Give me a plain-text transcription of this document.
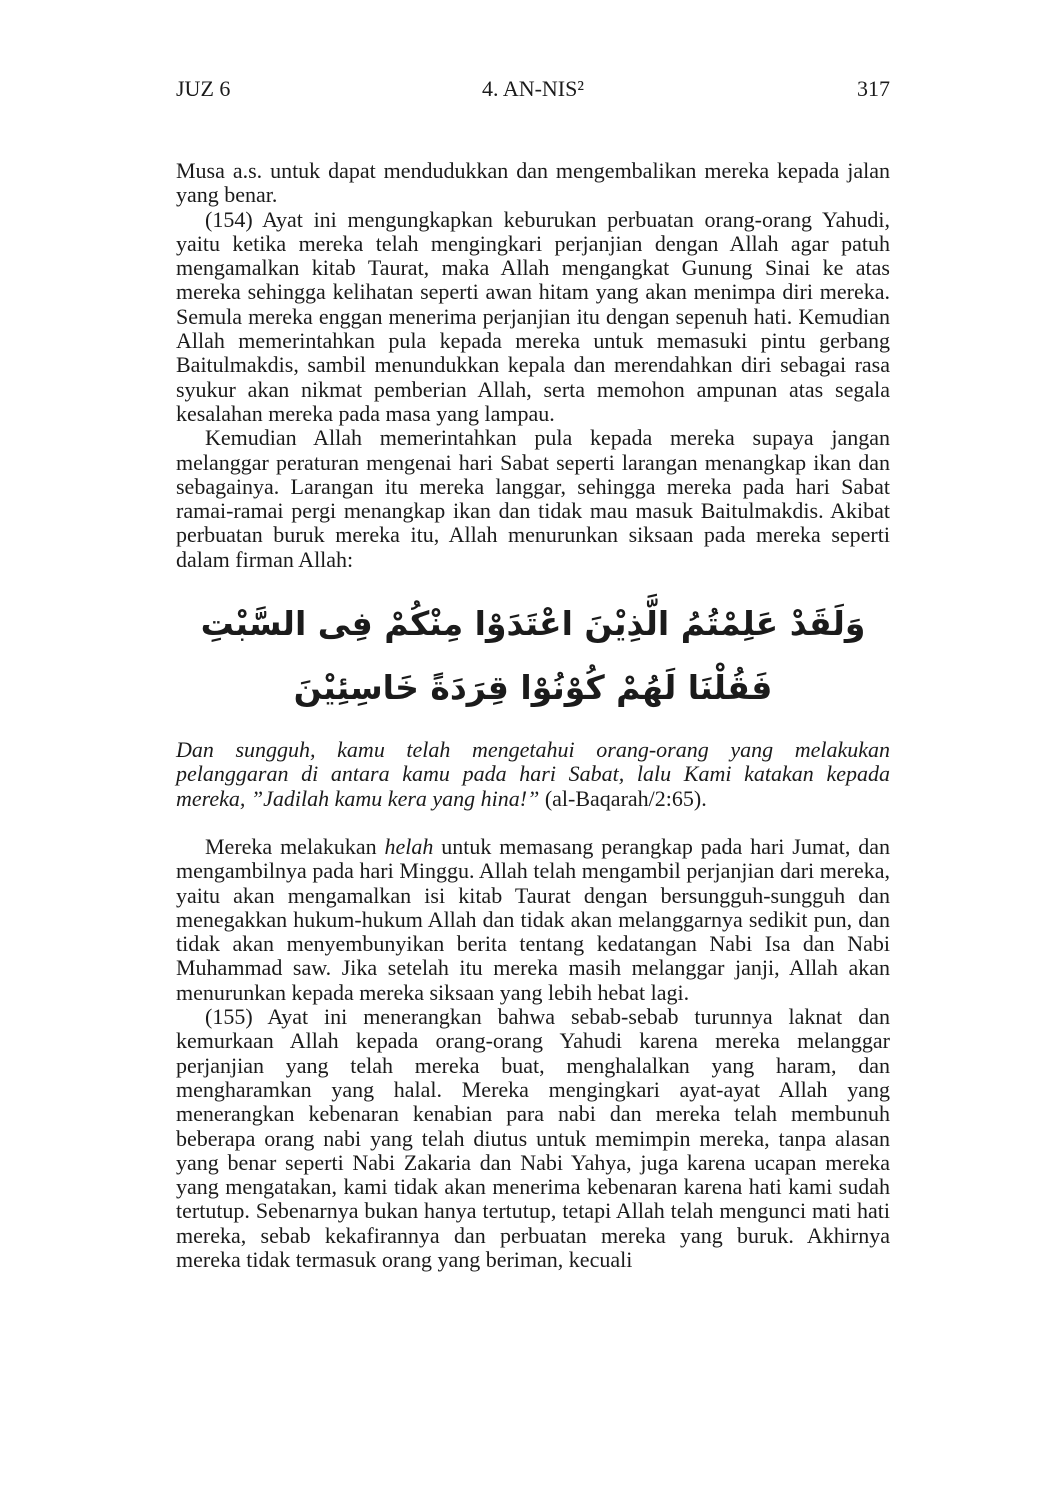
JUZ 6	4. AN-NIS²	317

Musa a.s. untuk dapat mendudukkan dan mengembalikan mereka kepada jalan yang benar.

(154) Ayat ini mengungkapkan keburukan perbuatan orang-orang Yahudi, yaitu ketika mereka telah mengingkari perjanjian dengan Allah agar patuh mengamalkan kitab Taurat, maka Allah mengangkat Gunung Sinai ke atas mereka sehingga kelihatan seperti awan hitam yang akan menimpa diri mereka. Semula mereka enggan menerima perjanjian itu dengan sepenuh hati. Kemudian Allah memerintahkan pula kepada mereka untuk memasuki pintu gerbang Baitulmakdis, sambil menundukkan kepala dan merendahkan diri sebagai rasa syukur akan nikmat pemberian Allah, serta memohon ampunan atas segala kesalahan mereka pada masa yang lampau.

Kemudian Allah memerintahkan pula kepada mereka supaya jangan melanggar peraturan mengenai hari Sabat seperti larangan menangkap ikan dan sebagainya. Larangan itu mereka langgar, sehingga mereka pada hari Sabat ramai-ramai pergi menangkap ikan dan tidak mau masuk Baitulmakdis. Akibat perbuatan buruk mereka itu, Allah menurunkan siksaan pada mereka seperti dalam firman Allah:

وَلَقَدْ عَلِمْتُمُ الَّذِيْنَ اعْتَدَوْا مِنْكُمْ فِى السَّبْتِ فَقُلْنَا لَهُمْ كُوْنُوْا قِرَدَةً خَاسِئِيْنَ

Dan sungguh, kamu telah mengetahui orang-orang yang melakukan pelanggaran di antara kamu pada hari Sabat, lalu Kami katakan kepada mereka, ”Jadilah kamu kera yang hina!” (al-Baqarah/2:65).

Mereka melakukan helah untuk memasang perangkap pada hari Jumat, dan mengambilnya pada hari Minggu. Allah telah mengambil perjanjian dari mereka, yaitu akan mengamalkan isi kitab Taurat dengan bersungguh-sungguh dan menegakkan hukum-hukum Allah dan tidak akan melanggarnya sedikit pun, dan tidak akan menyembunyikan berita tentang kedatangan Nabi Isa dan Nabi Muhammad saw. Jika setelah itu mereka masih melanggar janji, Allah akan menurunkan kepada mereka siksaan yang lebih hebat lagi.

(155) Ayat ini menerangkan bahwa sebab-sebab turunnya laknat dan kemurkaan Allah kepada orang-orang Yahudi karena mereka melanggar perjanjian yang telah mereka buat, menghalalkan yang haram, dan mengharamkan yang halal. Mereka mengingkari ayat-ayat Allah yang menerangkan kebenaran kenabian para nabi dan mereka telah membunuh beberapa orang nabi yang telah diutus untuk memimpin mereka, tanpa alasan yang benar seperti Nabi Zakaria dan Nabi Yahya, juga karena ucapan mereka yang mengatakan, kami tidak akan menerima kebenaran karena hati kami sudah tertutup. Sebenarnya bukan hanya tertutup, tetapi Allah telah mengunci mati hati mereka, sebab kekafirannya dan perbuatan mereka yang buruk. Akhirnya mereka tidak termasuk orang yang beriman, kecuali
